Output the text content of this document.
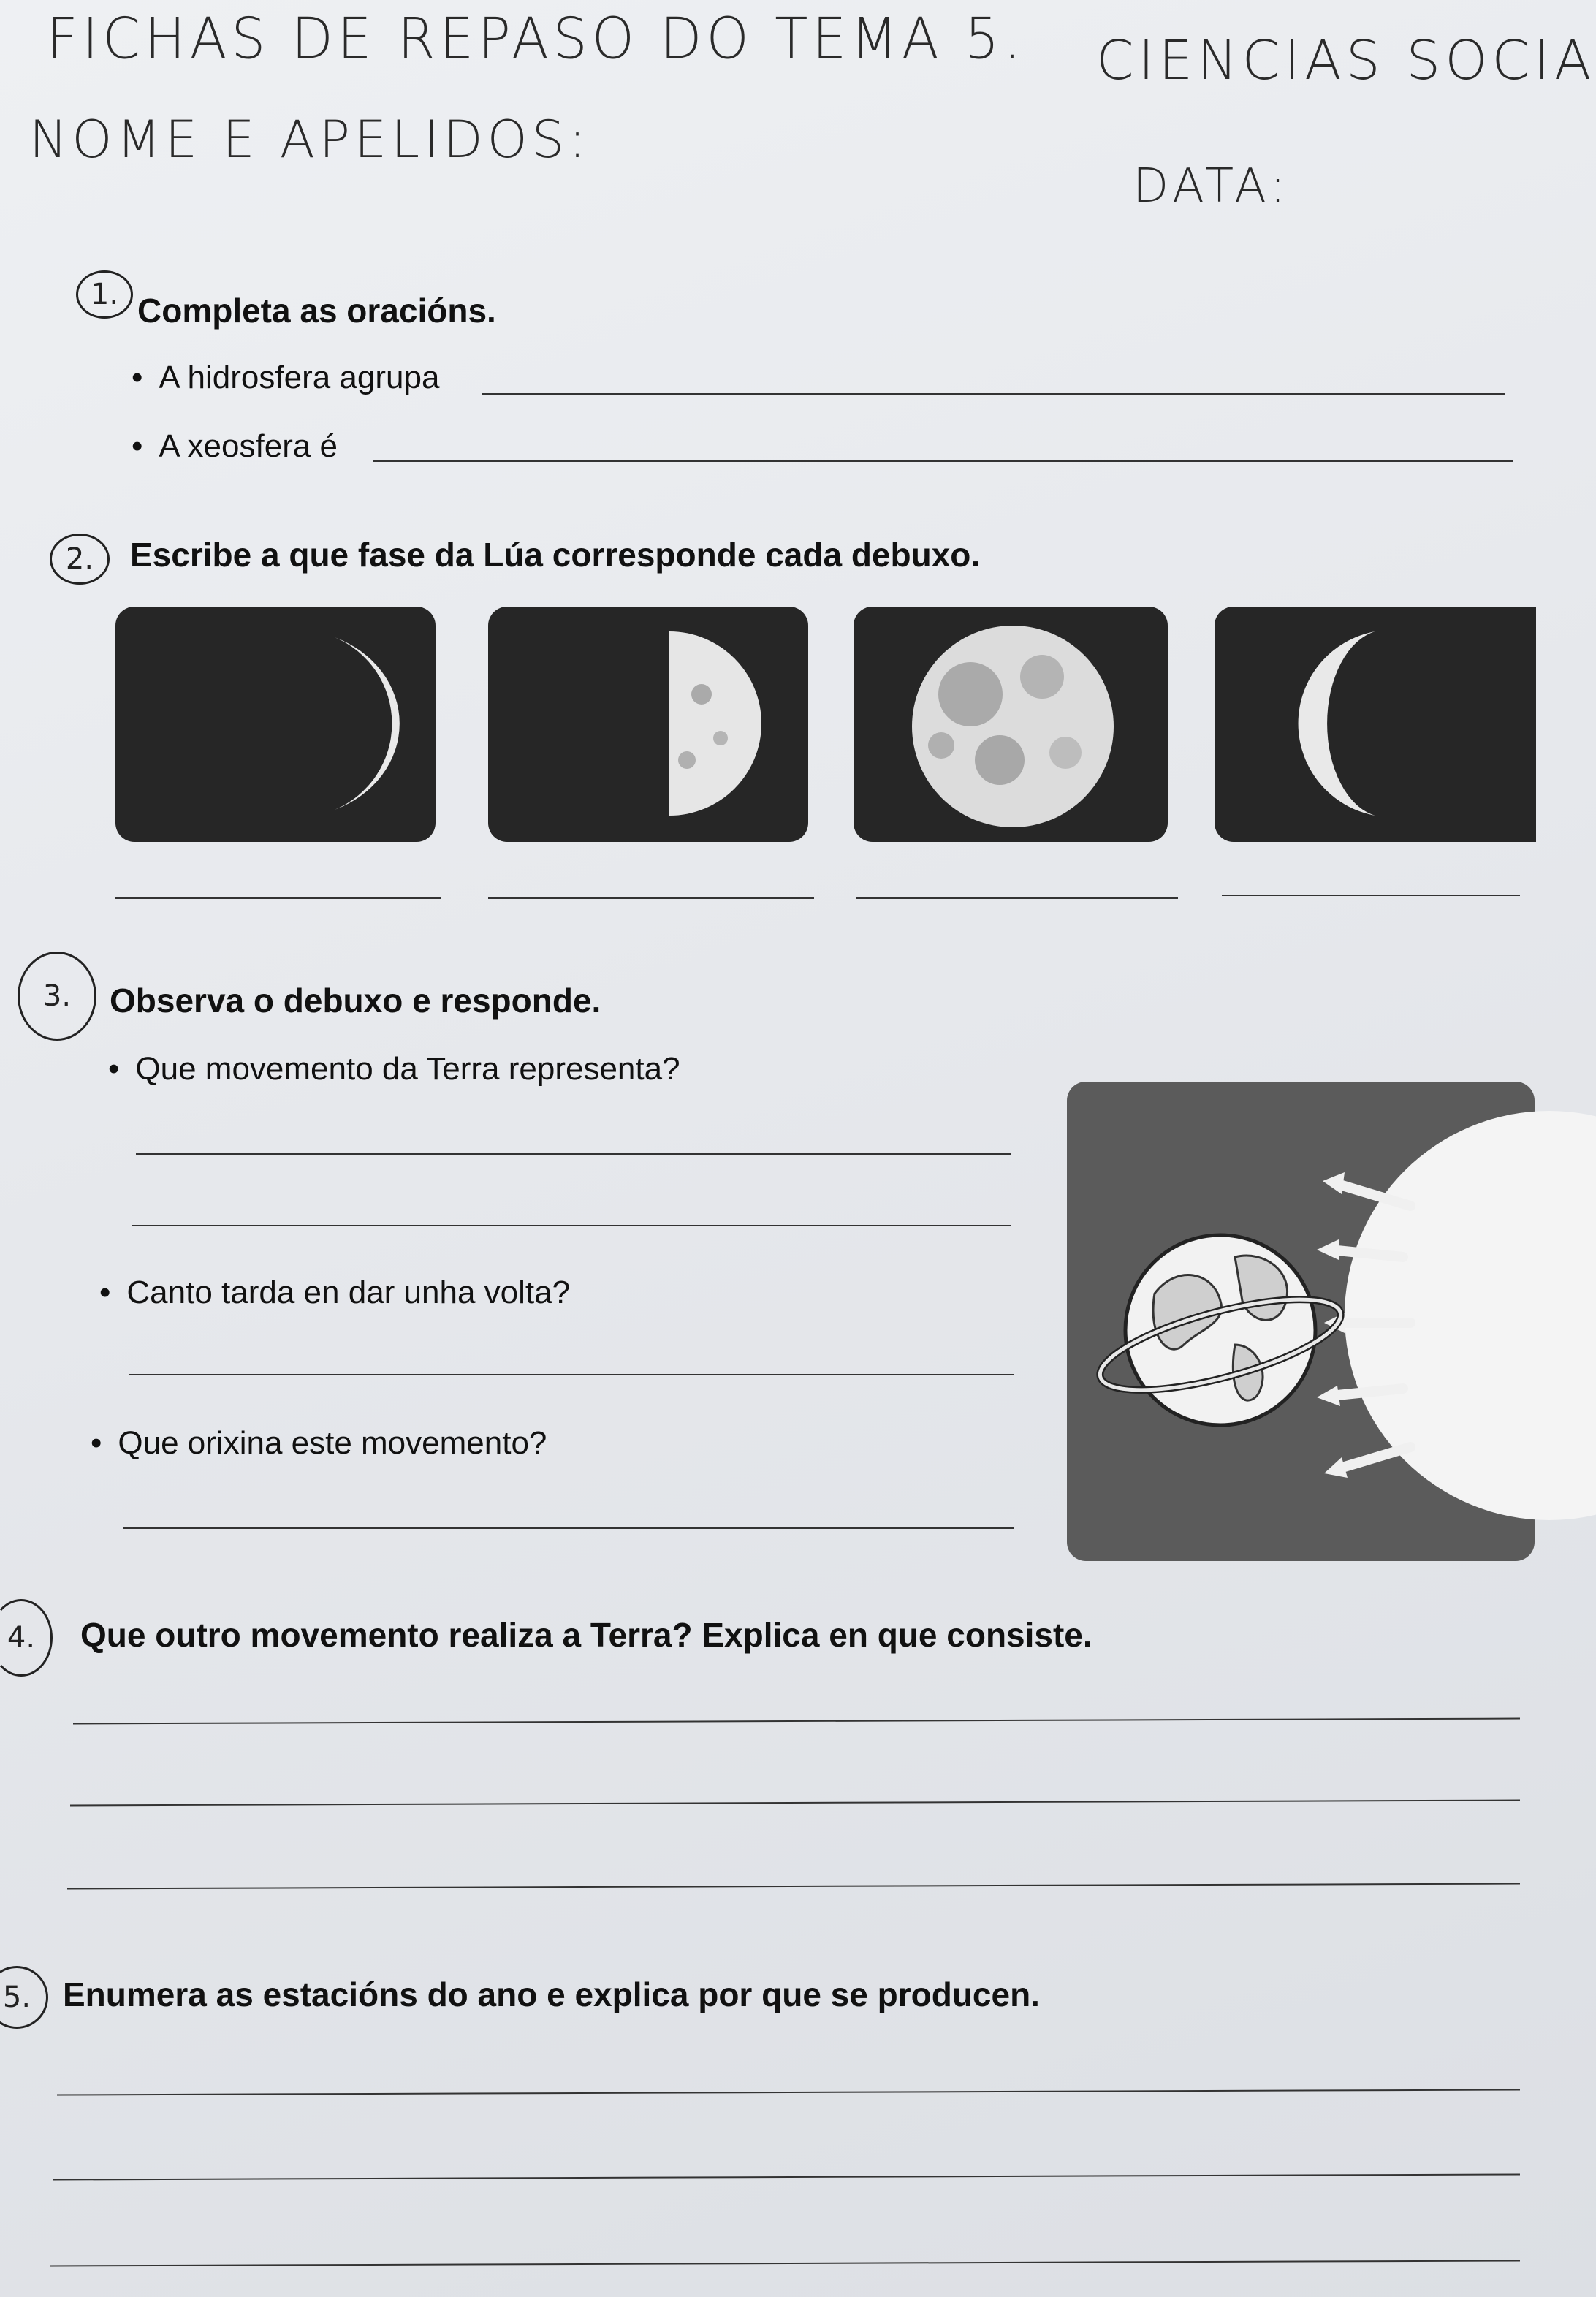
FICHAS DE REPASO DO TEMA 5. CIENCIAS SOCIA
NOME E APELIDOS:
DATA:
1. Completa as oracións.
• A hidrosfera agrupa
• A xeosfera é
2.	Escribe a que fase da Lúa corresponde cada debuxo.
3.	Observa o debuxo e responde.
• Que movemento da Terra representa?
• Canto tarda en dar unha volta?
• Que orixina este movemento?
4.	Que outro movemento realiza a Terra? Explica en que consiste.
5. Enumera as estacións do ano e explica por que se producen.
